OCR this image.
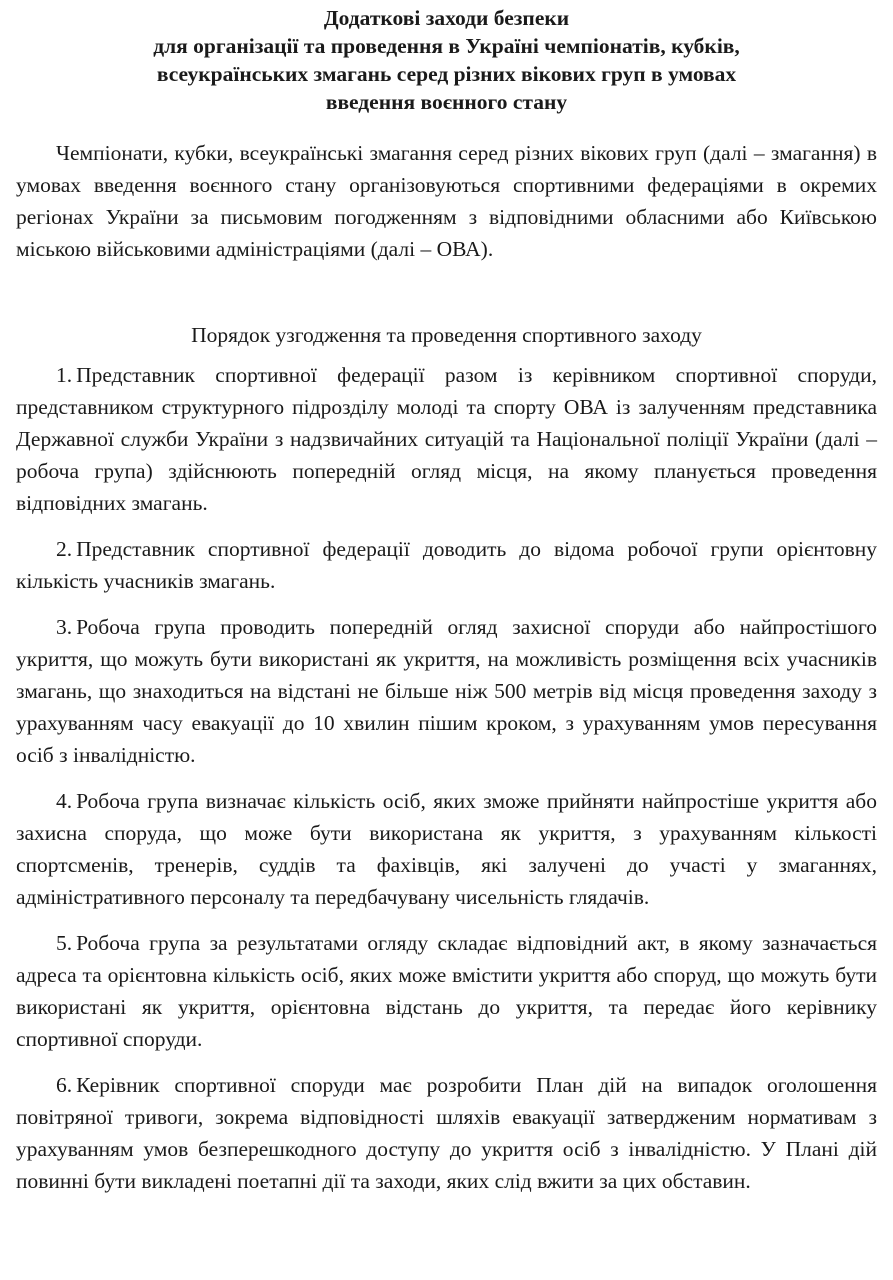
Додаткові заходи безпеки
для організації та проведення в Україні чемпіонатів, кубків,
всеукраїнських змагань серед різних вікових груп в умовах
введення воєнного стану

Чемпіонати, кубки, всеукраїнські змагання серед різних вікових груп (далі – змагання) в умовах введення воєнного стану організовуються спортивними федераціями в окремих регіонах України за письмовим погодженням з відповідними обласними або Київською міською військовими адміністраціями (далі – ОВА).

Порядок узгодження та проведення спортивного заходу

1. Представник спортивної федерації разом із керівником спортивної споруди, представником структурного підрозділу молоді та спорту ОВА із залученням представника Державної служби України з надзвичайних ситуацій та Національної поліції України (далі – робоча група) здійснюють попередній огляд місця, на якому планується проведення відповідних змагань.

2. Представник спортивної федерації доводить до відома робочої групи орієнтовну кількість учасників змагань.

3. Робоча група проводить попередній огляд захисної споруди або найпростішого укриття, що можуть бути використані як укриття, на можливість розміщення всіх учасників змагань, що знаходиться на відстані не більше ніж 500 метрів від місця проведення заходу з урахуванням часу евакуації до 10 хвилин пішим кроком, з урахуванням умов пересування осіб з інвалідністю.

4. Робоча група визначає кількість осіб, яких зможе прийняти найпростіше укриття або захисна споруда, що може бути використана як укриття, з урахуванням кількості спортсменів, тренерів, суддів та фахівців, які залучені до участі у змаганнях, адміністративного персоналу та передбачувану чисельність глядачів.

5. Робоча група за результатами огляду складає відповідний акт, в якому зазначається адреса та орієнтовна кількість осіб, яких може вмістити укриття або споруд, що можуть бути використані як укриття, орієнтовна відстань до укриття, та передає його керівнику спортивної споруди.

6. Керівник спортивної споруди має розробити План дій на випадок оголошення повітряної тривоги, зокрема відповідності шляхів евакуації затвердженим нормативам з урахуванням умов безперешкодного доступу до укриття осіб з інвалідністю. У Плані дій повинні бути викладені поетапні дії та заходи, яких слід вжити за цих обставин.
